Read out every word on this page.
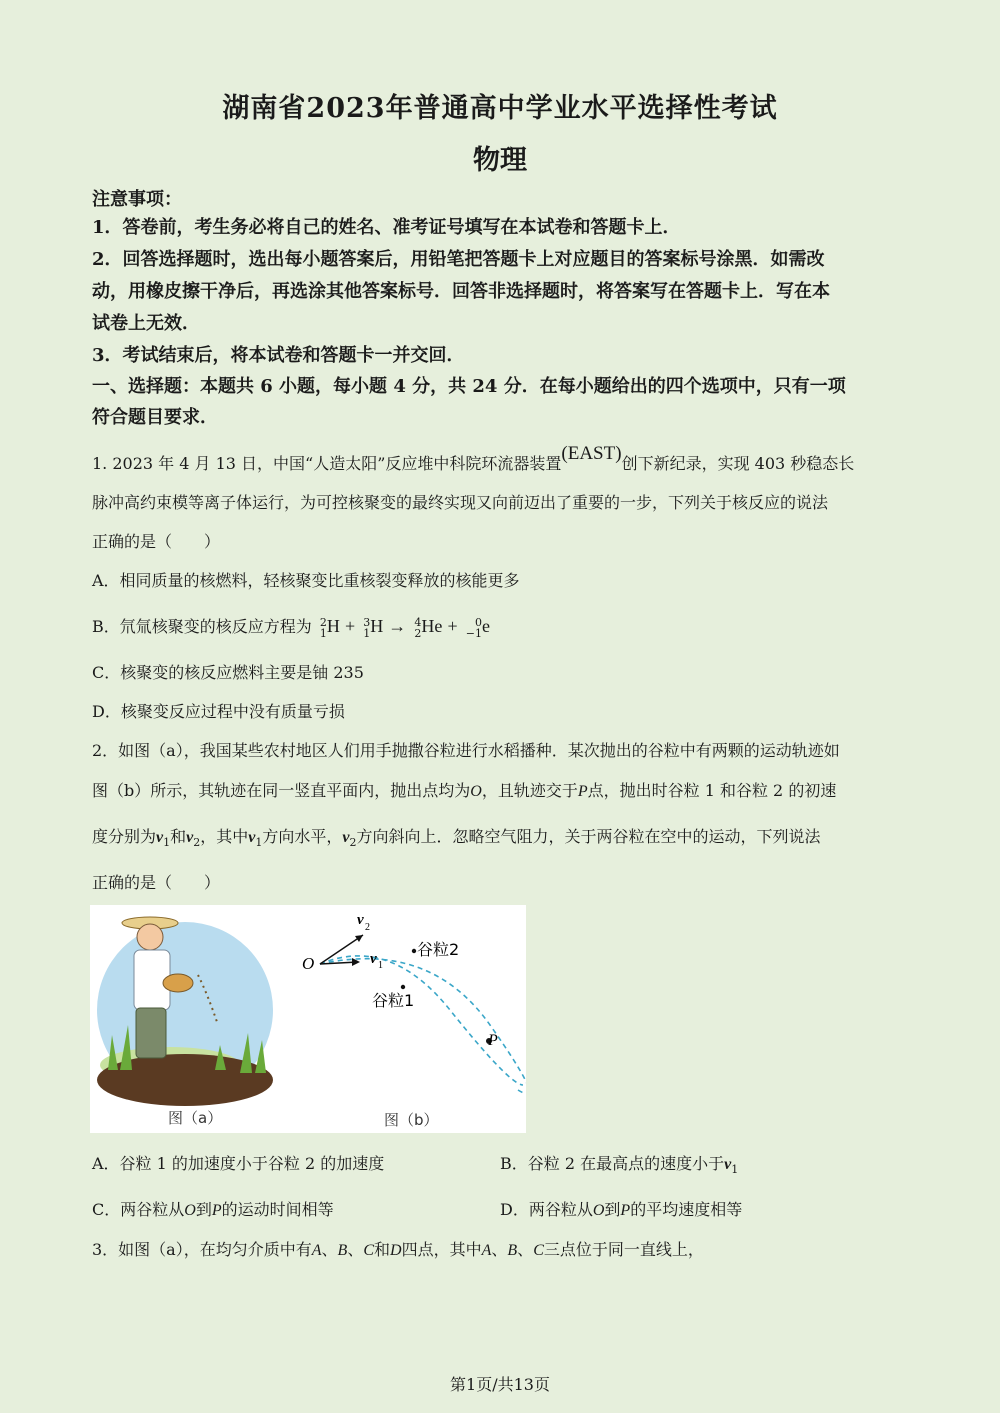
湖南省2023年普通高中学业水平选择性考试
物理
注意事项：
1．答卷前，考生务必将自己的姓名、准考证号填写在本试卷和答题卡上．
2．回答选择题时，选出每小题答案后，用铅笔把答题卡上对应题目的答案标号涂黑．如需改
动，用橡皮擦干净后，再选涂其他答案标号．回答非选择题时，将答案写在答题卡上．写在本
试卷上无效．
3．考试结束后，将本试卷和答题卡一并交回．
一、选择题：本题共 6 小题，每小题 4 分，共 24 分．在每小题给出的四个选项中，只有一项
符合题目要求．
1. 2023 年 4 月 13 日，中国“人造太阳”反应堆中科院环流器装置(EAST)创下新纪录，实现 403 秒稳态长
脉冲高约束模等离子体运行，为可控核聚变的最终实现又向前迈出了重要的一步，下列关于核反应的说法
正确的是（　　）
A．相同质量的核燃料，轻核聚变比重核裂变释放的核能更多
B．氘氚核聚变的核反应方程为 2
1 H + 3
1 H → 4
2 He +	0
−1 e
C．核聚变的核反应燃料主要是铀 235
D．核聚变反应过程中没有质量亏损
2．如图（a），我国某些农村地区人们用手抛撒谷粒进行水稻播种．某次抛出的谷粒中有两颗的运动轨迹如
图（b）所示，其轨迹在同一竖直平面内，抛出点均为O，且轨迹交于P点，抛出时谷粒 1 和谷粒 2 的初速
度分别为$v_1$和$v_2$，其中$v_1$方向水平，$v_2$方向斜向上．忽略空气阻力，关于两谷粒在空中的运动，下列说法
正确的是（　　）
图（a）
O
v 2
v 1
谷粒2
谷粒1
P
图（b）
A．谷粒 1 的加速度小于谷粒 2 的加速度	B．谷粒 2 在最高点的速度小于$v_1$
C．两谷粒从O到P的运动时间相等	D．两谷粒从O到P的平均速度相等
3．如图（a），在均匀介质中有A、B、C和D四点，其中A、B、C三点位于同一直线上，
第1页/共13页
